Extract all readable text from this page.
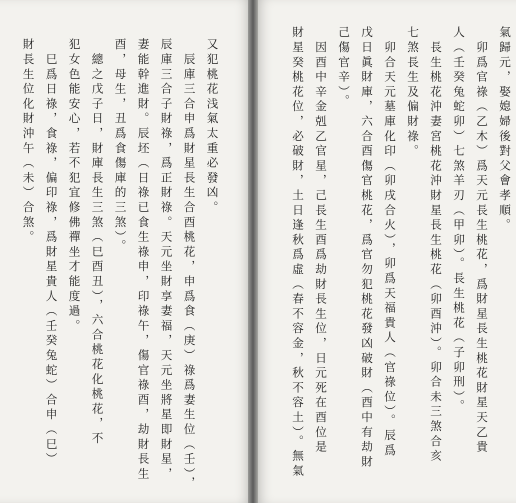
氣歸元，娶媳婦後對父會孝順。
　卯爲官祿（乙木）爲天元長生桃花，爲財星長生桃花財星天乙貴
人（壬癸兔蛇卯）七煞羊刃（甲卯）。長生桃花（子卯刑）。
　長生桃花沖妻宮桃花沖財星長生桃花（卯酉沖）。卯合未三煞合亥
七煞長生及偏財祿。
　卯合天元墓庫化印（卯戌合火），卯爲天福貴人（官祿位）。辰爲
戊日眞財庫，六合酉傷官桃花，爲官勿犯桃花發凶破財（酉中有劫財
己傷官辛）。
　因酉中辛金剋乙官星，己長生酉爲劫財長生位，日元死在酉位是
財星癸桃花位，必破財，土日逢秋爲虛（春不容金，秋不容土）。無氣
又犯桃花浅氣太重必發凶。
　辰庫三合申爲財星長生合酉桃花，申爲食（庚）祿爲妻生位（壬），
辰庫三合子財祿，爲正財祿。天元坐財享妻福，天元坐將星即財星，
妻能幹進財。辰坯（日祿已食生祿申，印祿午，傷官祿酉，劫財長生
酉，母生，丑爲食傷庫的三煞）。
　總之戊子日，財庫長生三煞（巳酉丑），六合桃花化桃花，不
犯女色能安心，若不犯宜修佛禪坐才能度過。
　巳爲日祿，食祿，偏印祿，爲財星貴人（壬癸兔蛇）合申（巳）
財長生位化財沖午（未）合煞。
